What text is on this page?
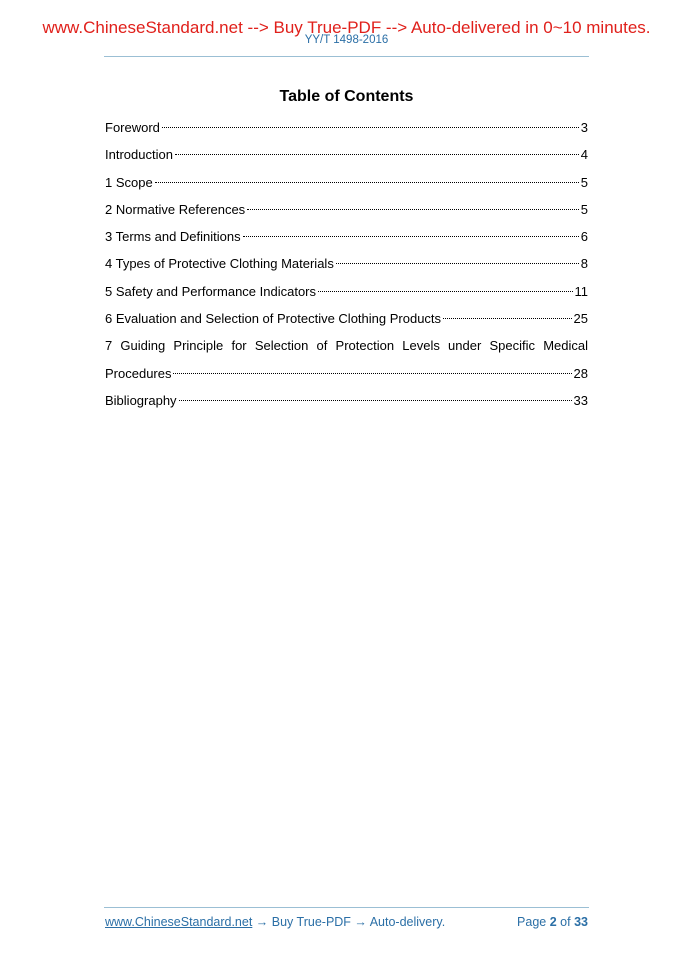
www.ChineseStandard.net --> Buy True-PDF --> Auto-delivered in 0~10 minutes.
YY/T 1498-2016
Table of Contents
Foreword	3
Introduction	4
1 Scope	5
2 Normative References	5
3 Terms and Definitions	6
4 Types of Protective Clothing Materials	8
5 Safety and Performance Indicators	11
6 Evaluation and Selection of Protective Clothing Products	25
7 Guiding Principle for Selection of Protection Levels under Specific Medical
Procedures	28
Bibliography	33
www.ChineseStandard.net → Buy True-PDF → Auto-delivery.	Page 2 of 33
